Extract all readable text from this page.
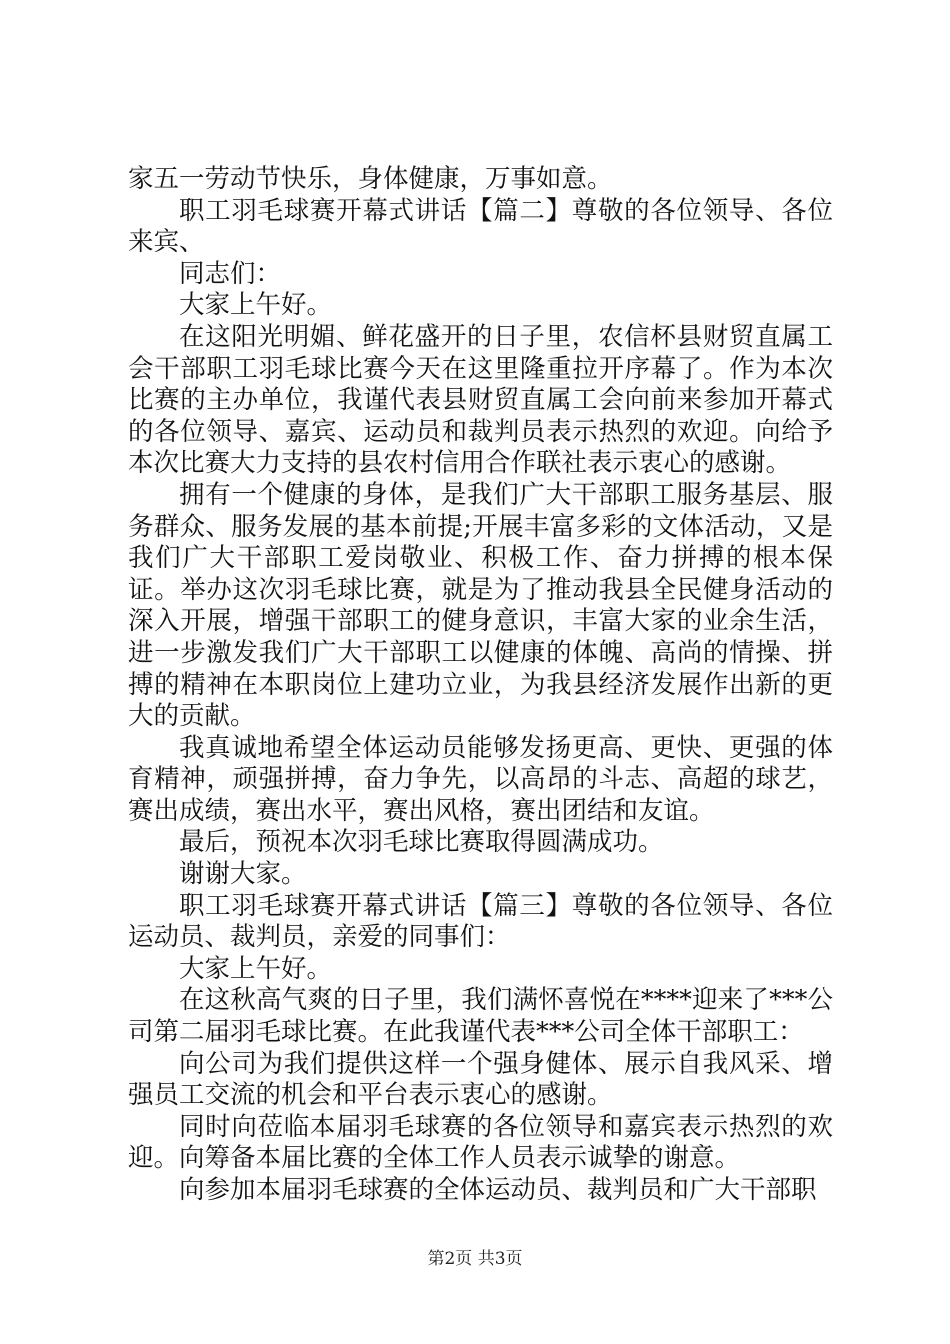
家五一劳动节快乐，身体健康，万事如意。

职工羽毛球赛开幕式讲话【篇二】尊敬的各位领导、各位来宾、

同志们：

大家上午好。

在这阳光明媚、鲜花盛开的日子里，农信杯县财贸直属工会干部职工羽毛球比赛今天在这里隆重拉开序幕了。作为本次比赛的主办单位，我谨代表县财贸直属工会向前来参加开幕式的各位领导、嘉宾、运动员和裁判员表示热烈的欢迎。向给予本次比赛大力支持的县农村信用合作联社表示衷心的感谢。

拥有一个健康的身体，是我们广大干部职工服务基层、服务群众、服务发展的基本前提;开展丰富多彩的文体活动，又是我们广大干部职工爱岗敬业、积极工作、奋力拼搏的根本保证。举办这次羽毛球比赛，就是为了推动我县全民健身活动的深入开展，增强干部职工的健身意识，丰富大家的业余生活，进一步激发我们广大干部职工以健康的体魄、高尚的情操、拼搏的精神在本职岗位上建功立业，为我县经济发展作出新的更大的贡献。

我真诚地希望全体运动员能够发扬更高、更快、更强的体育精神，顽强拼搏，奋力争先，以高昂的斗志、高超的球艺，赛出成绩，赛出水平，赛出风格，赛出团结和友谊。

最后，预祝本次羽毛球比赛取得圆满成功。

谢谢大家。

职工羽毛球赛开幕式讲话【篇三】尊敬的各位领导、各位运动员、裁判员，亲爱的同事们：

大家上午好。

在这秋高气爽的日子里，我们满怀喜悦在****迎来了***公司第二届羽毛球比赛。在此我谨代表***公司全体干部职工：

向公司为我们提供这样一个强身健体、展示自我风采、增强员工交流的机会和平台表示衷心的感谢。

同时向莅临本届羽毛球赛的各位领导和嘉宾表示热烈的欢迎。向筹备本届比赛的全体工作人员表示诚挚的谢意。

向参加本届羽毛球赛的全体运动员、裁判员和广大干部职

第2页 共3页
